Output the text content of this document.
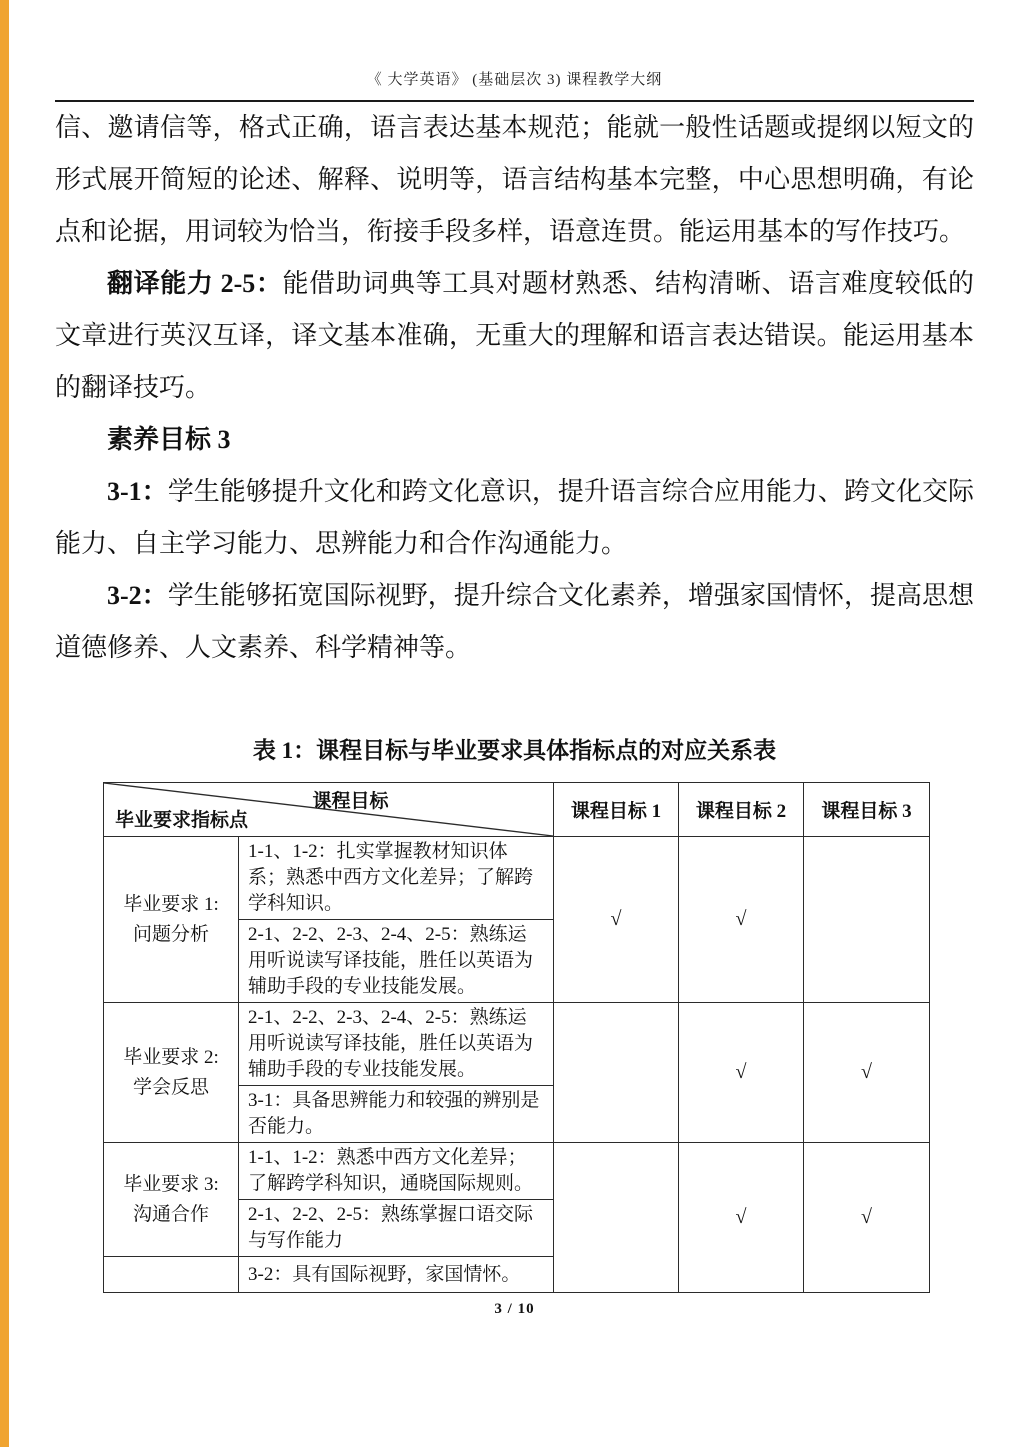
《 大学英语》 (基础层次 3) 课程教学大纲

信、邀请信等，格式正确，语言表达基本规范；能就一般性话题或提纲以短文的形式展开简短的论述、解释、说明等，语言结构基本完整，中心思想明确，有论点和论据，用词较为恰当，衔接手段多样，语意连贯。能运用基本的写作技巧。

翻译能力 2-5：能借助词典等工具对题材熟悉、结构清晰、语言难度较低的文章进行英汉互译，译文基本准确，无重大的理解和语言表达错误。能运用基本的翻译技巧。

素养目标 3

3-1：学生能够提升文化和跨文化意识，提升语言综合应用能力、跨文化交际能力、自主学习能力、思辨能力和合作沟通能力。

3-2：学生能够拓宽国际视野，提升综合文化素养，增强家国情怀，提高思想道德修养、人文素养、科学精神等。

表 1：课程目标与毕业要求具体指标点的对应关系表
课程目标
毕业要求指标点		课程目标 1	课程目标 2	课程目标 3

毕业要求 1:
问题分析	1-1、1-2：扎实掌握教材知识体系；熟悉中西方文化差异；了解跨学科知识。	√	√	
	2-1、2-2、2-3、2-4、2-5：熟练运用听说读写译技能，胜任以英语为辅助手段的专业技能发展。			

毕业要求 2:
学会反思	2-1、2-2、2-3、2-4、2-5：熟练运用听说读写译技能，胜任以英语为辅助手段的专业技能发展。		√	√
	3-1：具备思辨能力和较强的辨别是否能力。			

毕业要求 3:
沟通合作	1-1、1-2：熟悉中西方文化差异；了解跨学科知识，通晓国际规则。		√	√
	2-1、2-2、2-5：熟练掌握口语交际与写作能力			
	3-2：具有国际视野，家国情怀。			
3 / 10
